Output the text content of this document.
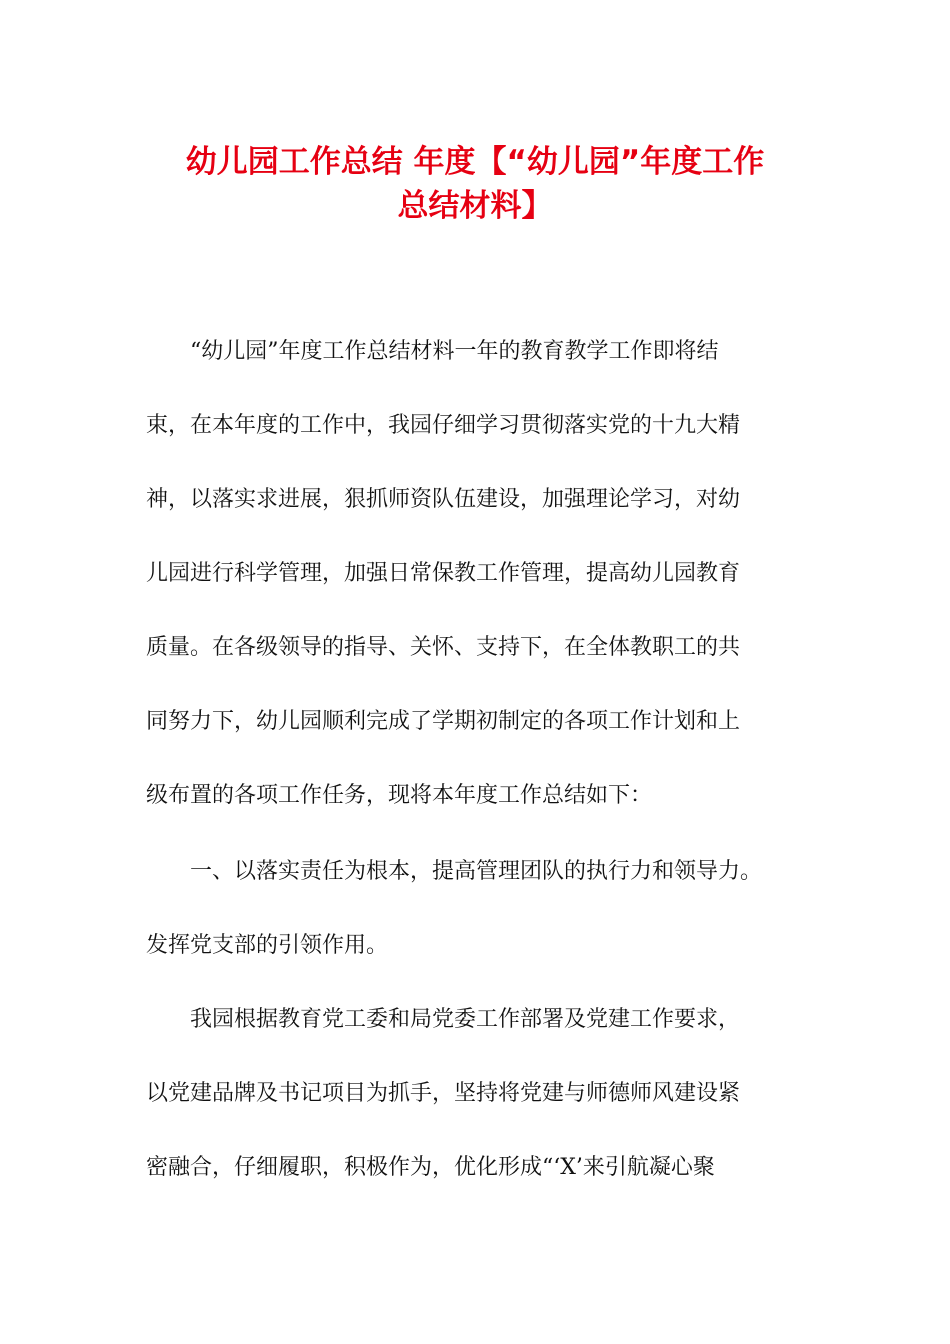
幼儿园工作总结 年度【“幼儿园”年度工作
总结材料】
“幼儿园”年度工作总结材料一年的教育教学工作即将结
束，在本年度的工作中，我园仔细学习贯彻落实党的十九大精
神，以落实求进展，狠抓师资队伍建设，加强理论学习，对幼
儿园进行科学管理，加强日常保教工作管理，提高幼儿园教育
质量。在各级领导的指导、关怀、支持下，在全体教职工的共
同努力下，幼儿园顺利完成了学期初制定的各项工作计划和上
级布置的各项工作任务，现将本年度工作总结如下：
一、以落实责任为根本，提高管理团队的执行力和领导力。
发挥党支部的引领作用。
我园根据教育党工委和局党委工作部署及党建工作要求，
以党建品牌及书记项目为抓手，坚持将党建与师德师风建设紧
密融合，仔细履职，积极作为，优化形成“‘X’来引航凝心聚
